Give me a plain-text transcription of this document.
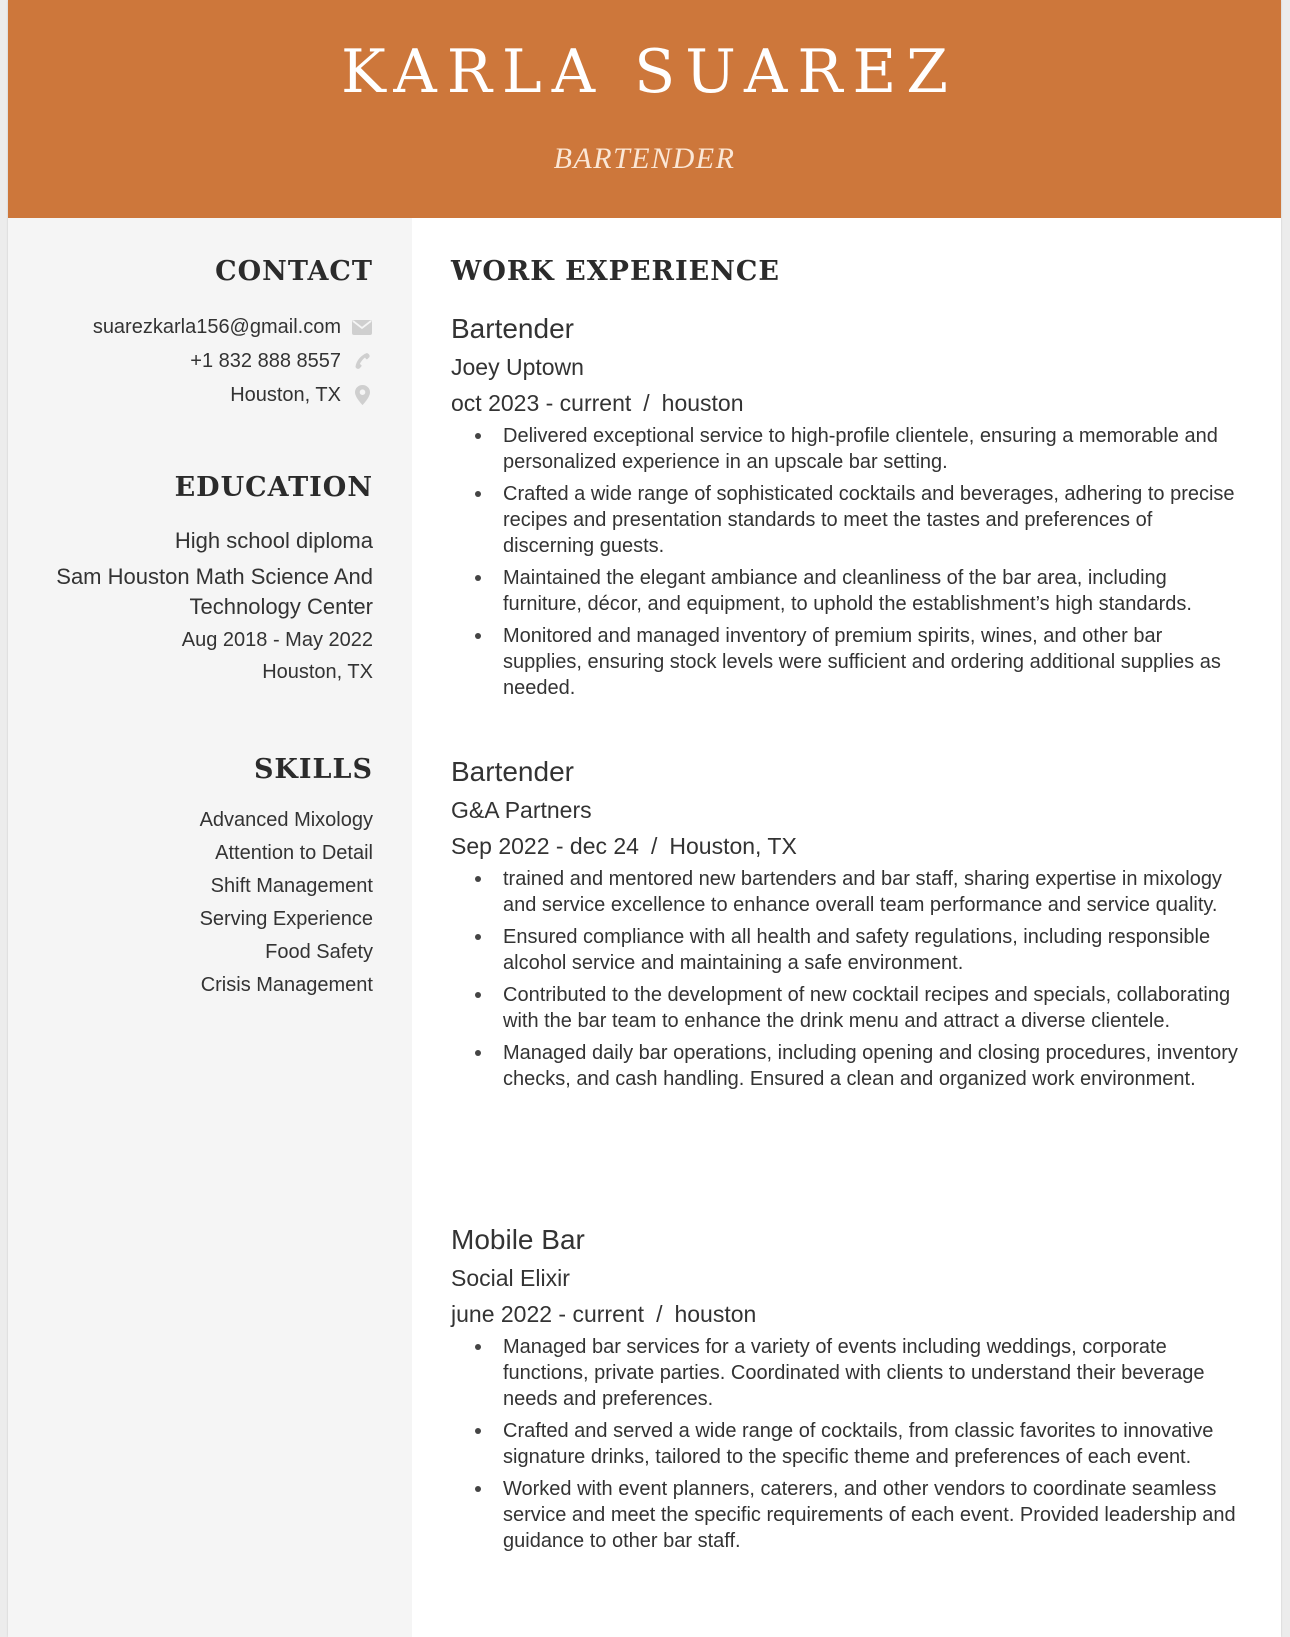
KARLA SUAREZ
BARTENDER
CONTACT
suarezkarla156@gmail.com
+1 832 888 8557
Houston, TX
EDUCATION
High school diploma
Sam Houston Math Science And
Technology Center
Aug 2018 - May 2022
Houston, TX
SKILLS
Advanced Mixology
Attention to Detail
Shift Management
Serving Experience
Food Safety
Crisis Management
WORK EXPERIENCE
Bartender
Joey Uptown
oct 2023 - current / houston
Delivered exceptional service to high-profile clientele, ensuring a memorable and personalized experience in an upscale bar setting.
Crafted a wide range of sophisticated cocktails and beverages, adhering to precise recipes and presentation standards to meet the tastes and preferences of discerning guests.
Maintained the elegant ambiance and cleanliness of the bar area, including furniture, décor, and equipment, to uphold the establishment’s high standards.
Monitored and managed inventory of premium spirits, wines, and other bar supplies, ensuring stock levels were sufficient and ordering additional supplies as needed.
Bartender
G&A Partners
Sep 2022 - dec 24 / Houston, TX
trained and mentored new bartenders and bar staff, sharing expertise in mixology and service excellence to enhance overall team performance and service quality.
Ensured compliance with all health and safety regulations, including responsible alcohol service and maintaining a safe environment.
Contributed to the development of new cocktail recipes and specials, collaborating with the bar team to enhance the drink menu and attract a diverse clientele.
Managed daily bar operations, including opening and closing procedures, inventory checks, and cash handling. Ensured a clean and organized work environment.
Mobile Bar
Social Elixir
june 2022 - current / houston
Managed bar services for a variety of events including weddings, corporate functions, private parties. Coordinated with clients to understand their beverage needs and preferences.
Crafted and served a wide range of cocktails, from classic favorites to innovative signature drinks, tailored to the specific theme and preferences of each event.
Worked with event planners, caterers, and other vendors to coordinate seamless service and meet the specific requirements of each event. Provided leadership and guidance to other bar staff.
